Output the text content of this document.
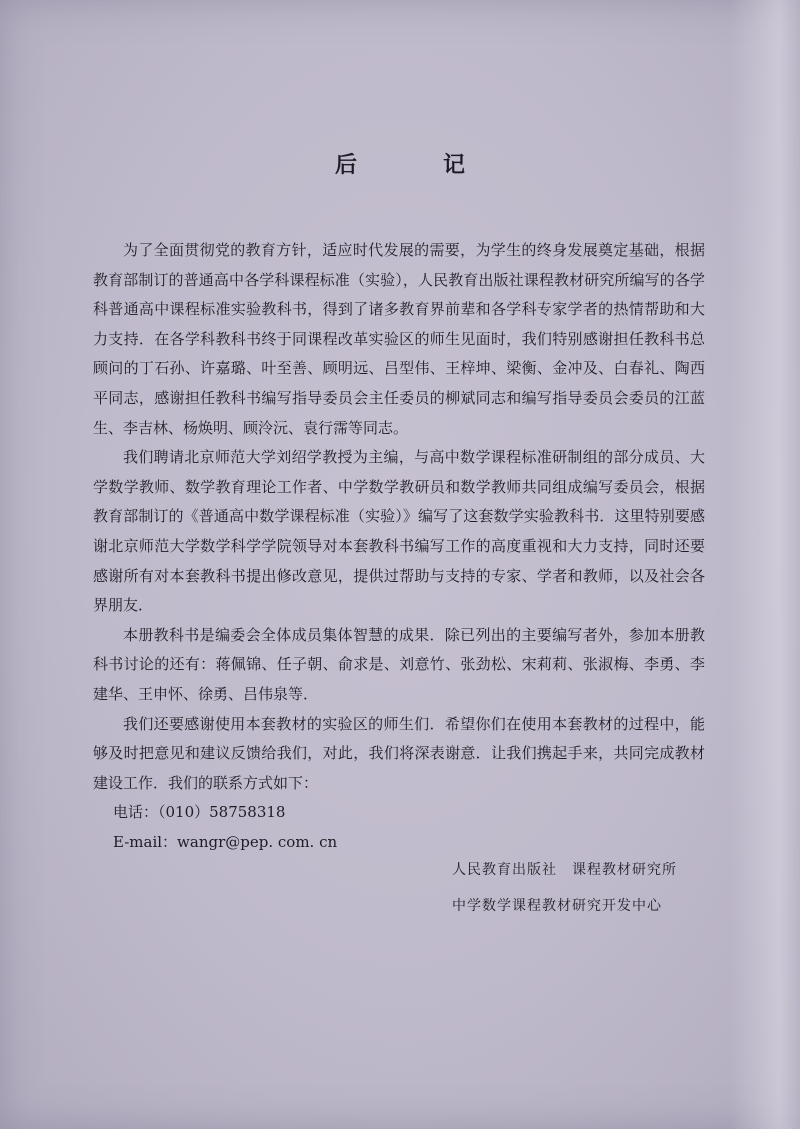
后　记

为了全面贯彻党的教育方针，适应时代发展的需要，为学生的终身发展奠定基础，根据教育部制订的普通高中各学科课程标准（实验），人民教育出版社课程教材研究所编写的各学科普通高中课程标准实验教科书，得到了诸多教育界前辈和各学科专家学者的热情帮助和大力支持．在各学科教科书终于同课程改革实验区的师生见面时，我们特别感谢担任教科书总顾问的丁石孙、许嘉璐、叶至善、顾明远、吕型伟、王梓坤、梁衡、金冲及、白春礼、陶西平同志，感谢担任教科书编写指导委员会主任委员的柳斌同志和编写指导委员会委员的江蓝生、李吉林、杨焕明、顾泠沅、袁行霈等同志。

我们聘请北京师范大学刘绍学教授为主编，与高中数学课程标准研制组的部分成员、大学数学教师、数学教育理论工作者、中学数学教研员和数学教师共同组成编写委员会，根据教育部制订的《普通高中数学课程标准（实验）》编写了这套数学实验教科书．这里特别要感谢北京师范大学数学科学学院领导对本套教科书编写工作的高度重视和大力支持，同时还要感谢所有对本套教科书提出修改意见，提供过帮助与支持的专家、学者和教师，以及社会各界朋友．

本册教科书是编委会全体成员集体智慧的成果．除已列出的主要编写者外，参加本册教科书讨论的还有：蒋佩锦、任子朝、俞求是、刘意竹、张劲松、宋莉莉、张淑梅、李勇、李建华、王申怀、徐勇、吕伟泉等．

我们还要感谢使用本套教材的实验区的师生们．希望你们在使用本套教材的过程中，能够及时把意见和建议反馈给我们，对此，我们将深表谢意．让我们携起手来，共同完成教材建设工作．我们的联系方式如下：

电话：（010）58758318
E-mail：wangr@pep. com. cn
人民教育出版社　课程教材研究所
中学数学课程教材研究开发中心
